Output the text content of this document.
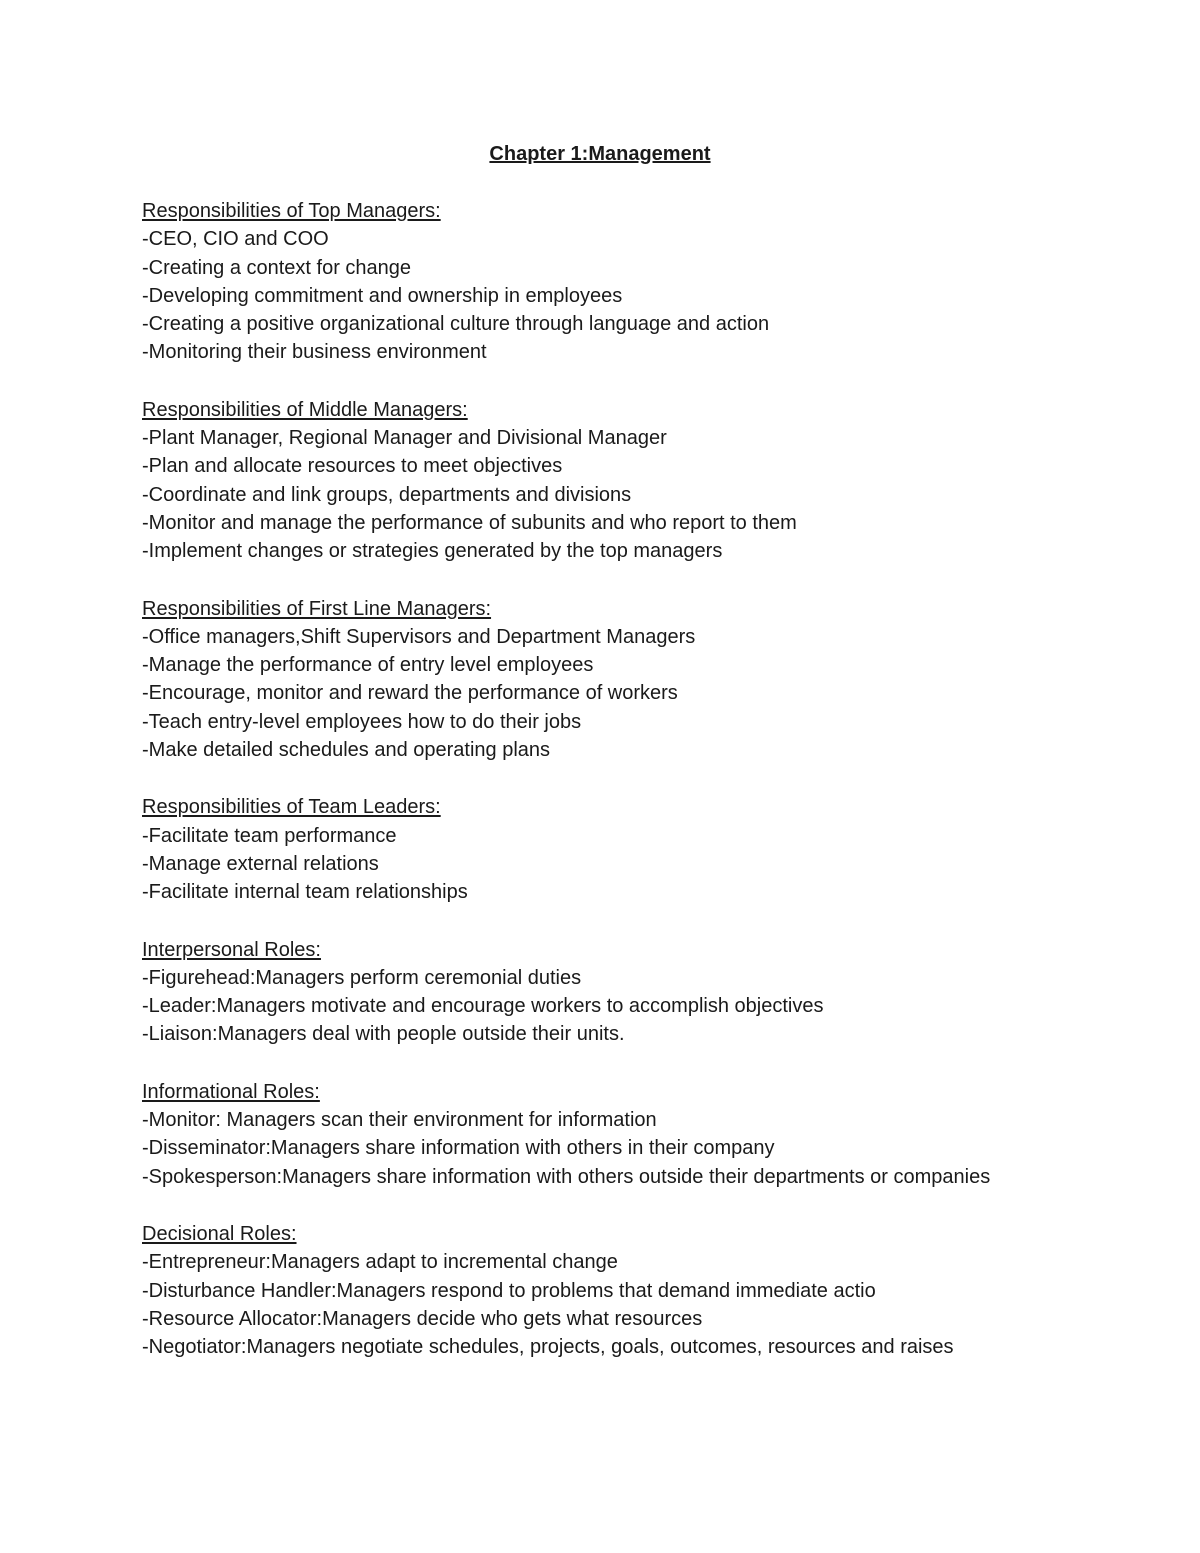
Chapter 1:Management

Responsibilities of Top Managers:

-CEO, CIO and COO

-Creating a context for change

-Developing commitment and ownership in employees

-Creating a positive organizational culture through language and action

-Monitoring their business environment

Responsibilities of Middle Managers:

-Plant Manager, Regional Manager and Divisional Manager

-Plan and allocate resources to meet objectives

-Coordinate and link groups, departments and divisions

-Monitor and manage the performance of subunits and who report to them

-Implement changes or strategies generated by the top managers

Responsibilities of First Line Managers:

-Office managers,Shift Supervisors and Department Managers

-Manage the performance of entry level employees

-Encourage, monitor and reward the performance of workers

-Teach entry-level employees how to do their jobs

-Make detailed schedules and operating plans

Responsibilities of Team Leaders:

-Facilitate team performance

-Manage external relations

-Facilitate internal team relationships

Interpersonal Roles:

-Figurehead:Managers perform ceremonial duties

-Leader:Managers motivate and encourage workers to accomplish objectives

-Liaison:Managers deal with people outside their units.

Informational Roles:

-Monitor: Managers scan their environment for information

-Disseminator:Managers share information with others in their company

-Spokesperson:Managers share information with others outside their departments or companies

Decisional Roles:

-Entrepreneur:Managers adapt to incremental change

-Disturbance Handler:Managers respond to problems that demand immediate actio

-Resource Allocator:Managers decide who gets what resources

-Negotiator:Managers negotiate schedules, projects, goals, outcomes, resources and raises
